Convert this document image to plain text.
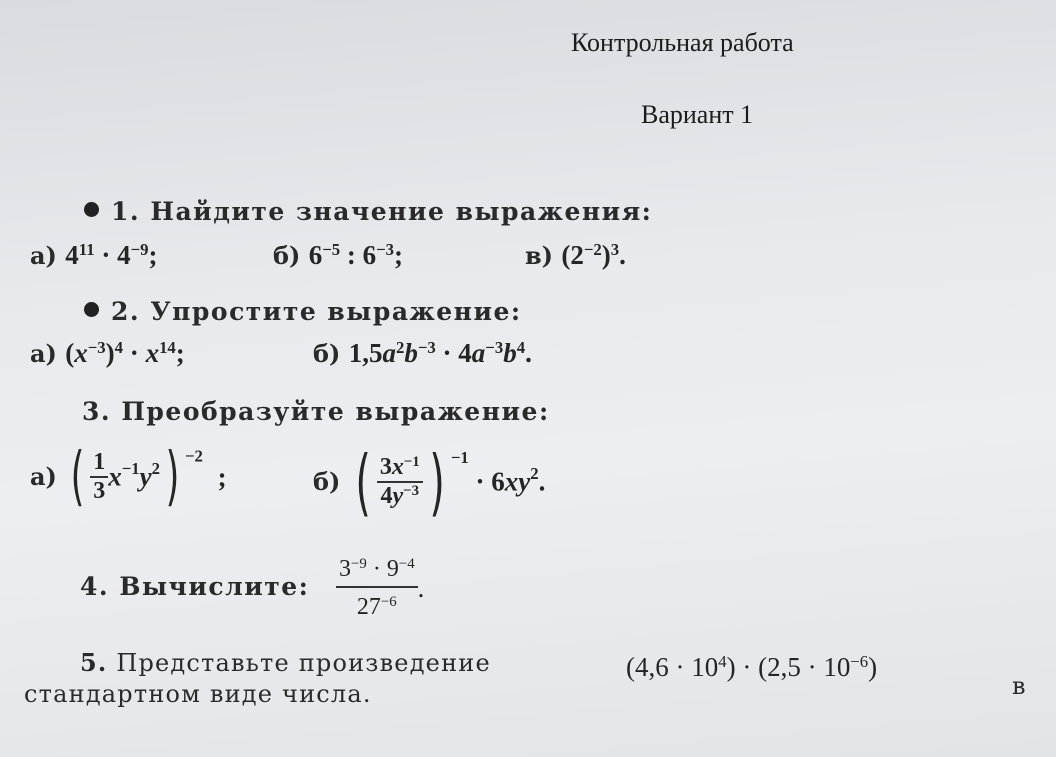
Контрольная работа
Вариант 1
1. Найдите значение выражения:
а) $4^{11} \cdot 4^{-9}$;	б) $6^{-5}$ : $6^{-3}$;	в) $(2^{-2})^3$.
2. Упростите выражение:
а) $(x^{-3})^4 \cdot x^{14}$;	б) $1,5a^2b^{-3} \cdot 4a^{-3}b^4$.
3. Преобразуйте выражение:
а) ( $\frac{1}{3} x^{-1}y^2$) $^{-2}$ ;	б) ( $\frac{3x^{-1}}{4y^{-3}}$ ) $^{-1} \cdot 6xy^2$.
4. Вычислите: $\frac{3^{-9} \cdot 9^{-4}}{27^{-6}}$ .
5. Представьте произведение	$(4,6 \cdot 10^4) \cdot (2,5 \cdot 10^{-6})$
в
стандартном виде числа.
